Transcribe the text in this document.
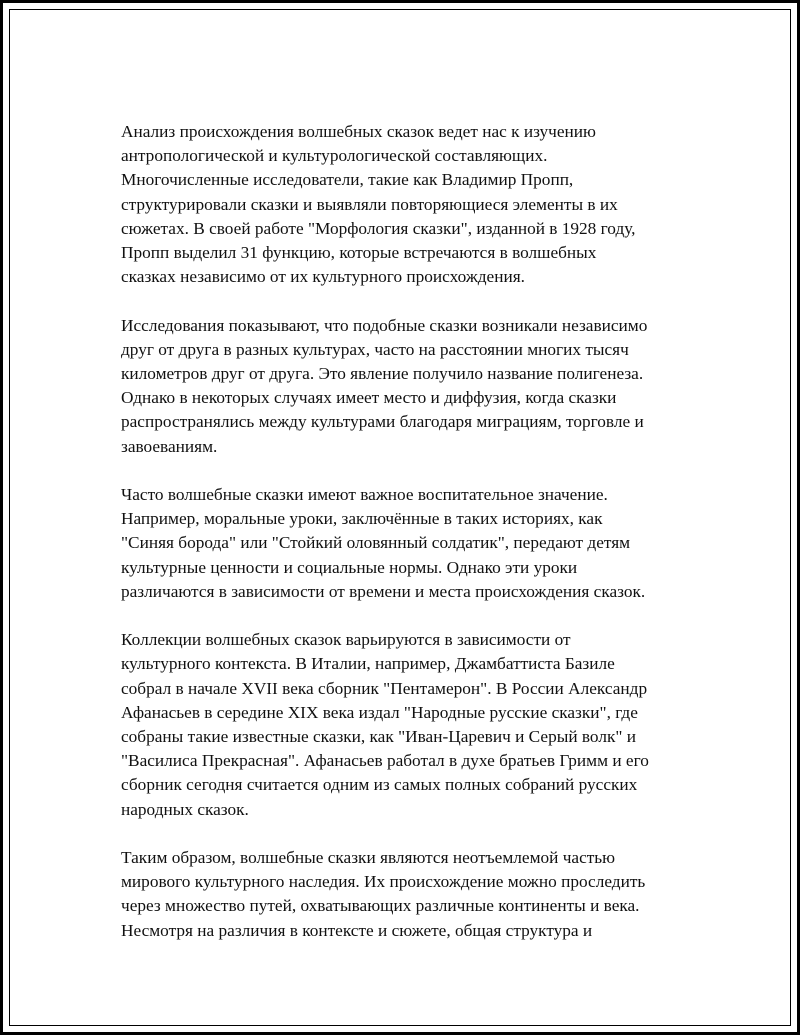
Анализ происхождения волшебных сказок ведет нас к изучению
антропологической и культурологической составляющих.
Многочисленные исследователи, такие как Владимир Пропп,
структурировали сказки и выявляли повторяющиеся элементы в их
сюжетах. В своей работе "Морфология сказки", изданной в 1928 году,
Пропп выделил 31 функцию, которые встречаются в волшебных
сказках независимо от их культурного происхождения.

Исследования показывают, что подобные сказки возникали независимо
друг от друга в разных культурах, часто на расстоянии многих тысяч
километров друг от друга. Это явление получило название полигенеза.
Однако в некоторых случаях имеет место и диффузия, когда сказки
распространялись между культурами благодаря миграциям, торговле и
завоеваниям.

Часто волшебные сказки имеют важное воспитательное значение.
Например, моральные уроки, заключённые в таких историях, как
"Синяя борода" или "Стойкий оловянный солдатик", передают детям
культурные ценности и социальные нормы. Однако эти уроки
различаются в зависимости от времени и места происхождения сказок.

Коллекции волшебных сказок варьируются в зависимости от
культурного контекста. В Италии, например, Джамбаттиста Базиле
собрал в начале XVII века сборник "Пентамерон". В России Александр
Афанасьев в середине XIX века издал "Народные русские сказки", где
собраны такие известные сказки, как "Иван-Царевич и Серый волк" и
"Василиса Прекрасная". Афанасьев работал в духе братьев Гримм и его
сборник сегодня считается одним из самых полных собраний русских
народных сказок.

Таким образом, волшебные сказки являются неотъемлемой частью
мирового культурного наследия. Их происхождение можно проследить
через множество путей, охватывающих различные континенты и века.
Несмотря на различия в контексте и сюжете, общая структура и
